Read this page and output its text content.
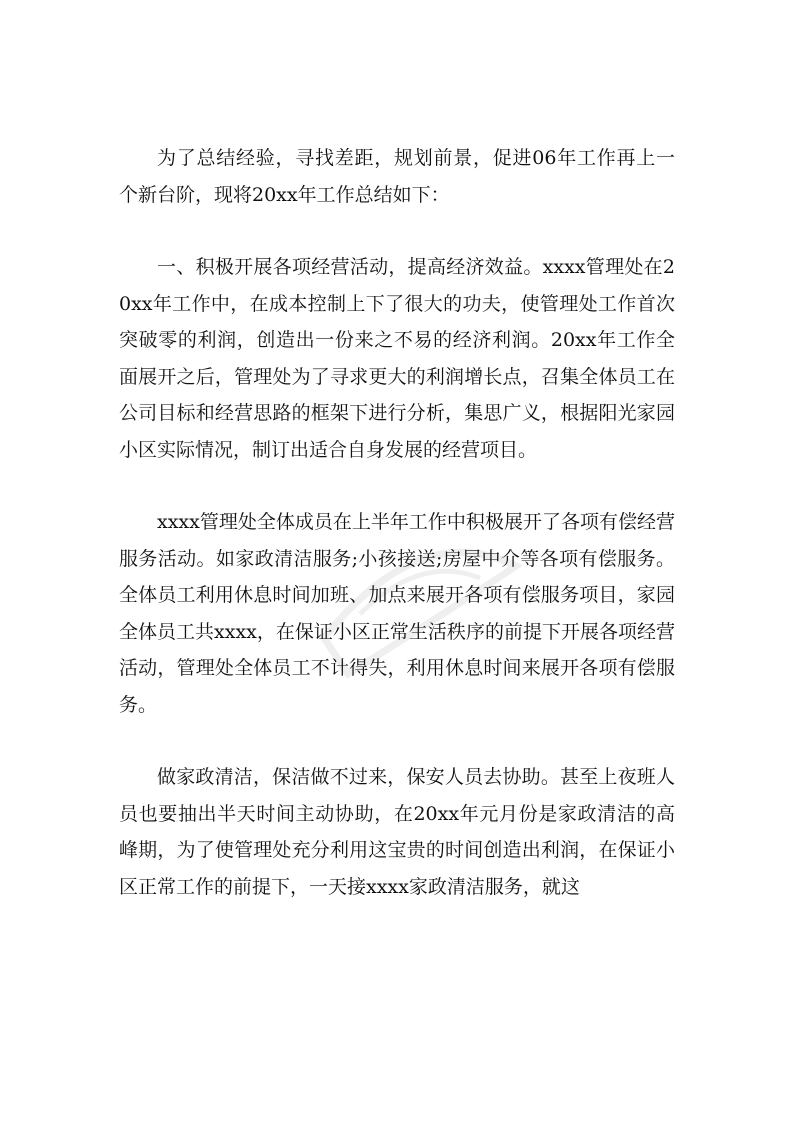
为了总结经验，寻找差距，规划前景，促进06年工作再上一个新台阶，现将20xx年工作总结如下：

一、积极开展各项经营活动，提高经济效益。xxxx管理处在20xx年工作中，在成本控制上下了很大的功夫，使管理处工作首次突破零的利润，创造出一份来之不易的经济利润。20xx年工作全面展开之后，管理处为了寻求更大的利润增长点，召集全体员工在公司目标和经营思路的框架下进行分析，集思广义，根据阳光家园小区实际情况，制订出适合自身发展的经营项目。

xxxx管理处全体成员在上半年工作中积极展开了各项有偿经营服务活动。如家政清洁服务;小孩接送;房屋中介等各项有偿服务。全体员工利用休息时间加班、加点来展开各项有偿服务项目，家园全体员工共xxxx，在保证小区正常生活秩序的前提下开展各项经营活动，管理处全体员工不计得失，利用休息时间来展开各项有偿服务。

做家政清洁，保洁做不过来，保安人员去协助。甚至上夜班人员也要抽出半天时间主动协助，在20xx年元月份是家政清洁的高峰期，为了使管理处充分利用这宝贵的时间创造出利润，在保证小区正常工作的前提下，一天接xxxx家政清洁服务，就这
